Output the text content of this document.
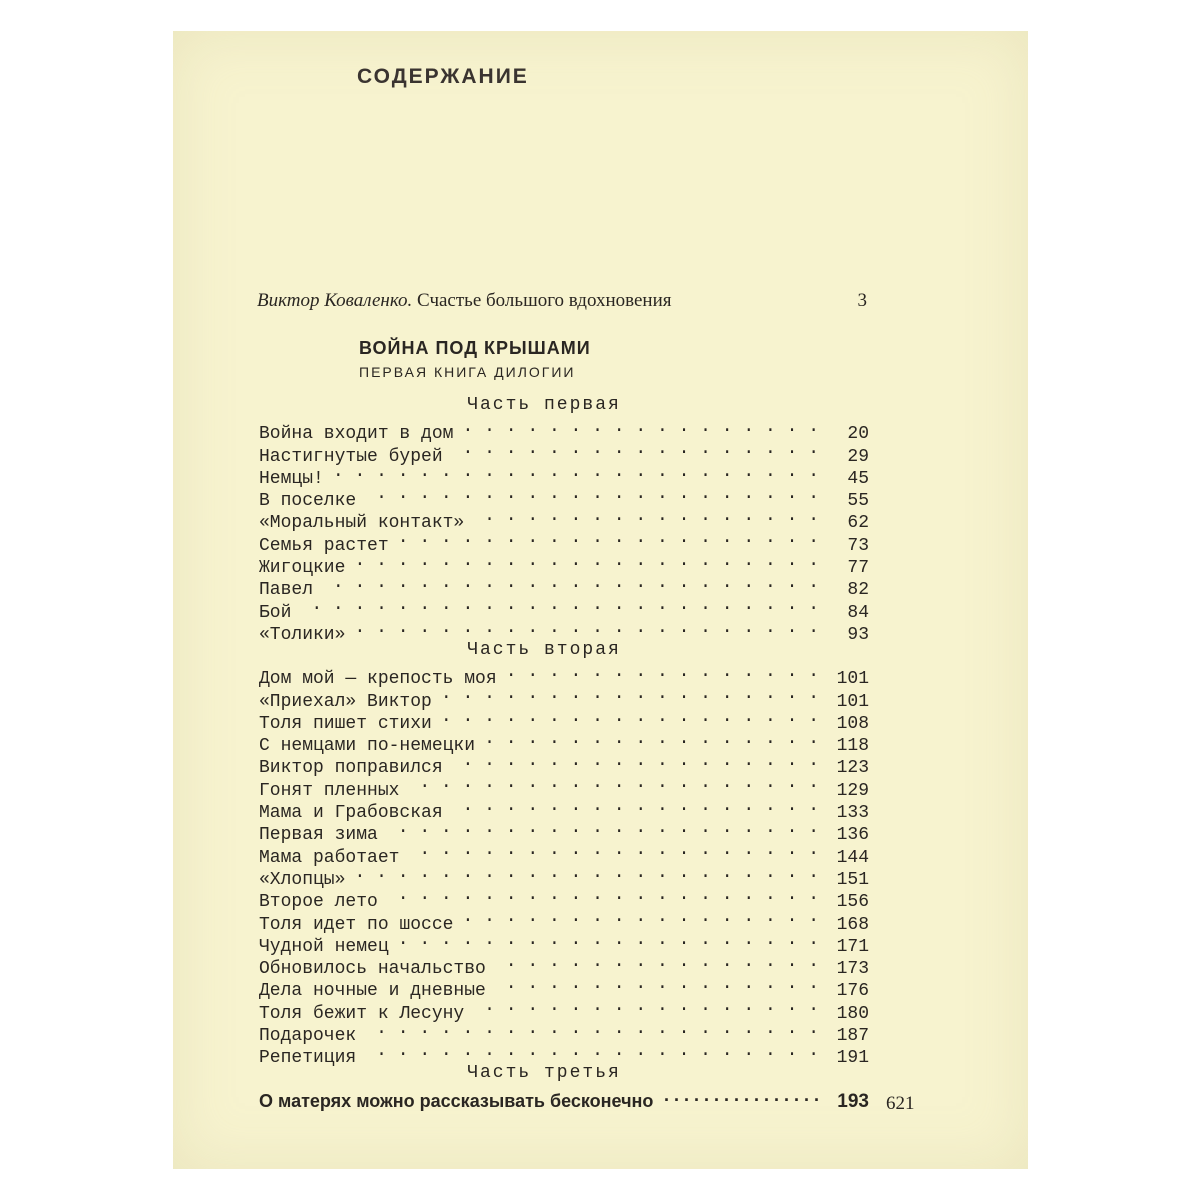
СОДЕРЖАНИЕ
Виктор Коваленко. Счастье большого вдохновения	3
ВОЙНА ПОД КРЫШАМИ
ПЕРВАЯ КНИГА ДИЛОГИИ
Часть первая
Война входит в дом . . .	20
Настигнутые бурей . . .	29
Немцы! . . .	45
В поселке . . .	55
«Моральный контакт» . . .	62
Семья растет . . .	73
Жигоцкие . . .	77
Павел . . .	82
Бой . . .	84
«Толики» . . .	93
Часть вторая
Дом мой — крепость моя . . .	101
«Приехал» Виктор . . .	101
Толя пишет стихи . . .	108
С немцами по-немецки . . .	118
Виктор поправился . . .	123
Гонят пленных . . .	129
Мама и Грабовская . . .	133
Первая зима . . .	136
Мама работает . . .	144
«Хлопцы» . . .	151
Второе лето . . .	156
Толя идет по шоссе . . .	168
Чудной немец . . .	171
Обновилось начальство . . .	173
Дела ночные и дневные . . .	176
Толя бежит к Лесуну . . .	180
Подарочек . . .	187
Репетиция . . .	191
Часть третья
О матерях можно рассказывать бесконечно . . .	193 621
